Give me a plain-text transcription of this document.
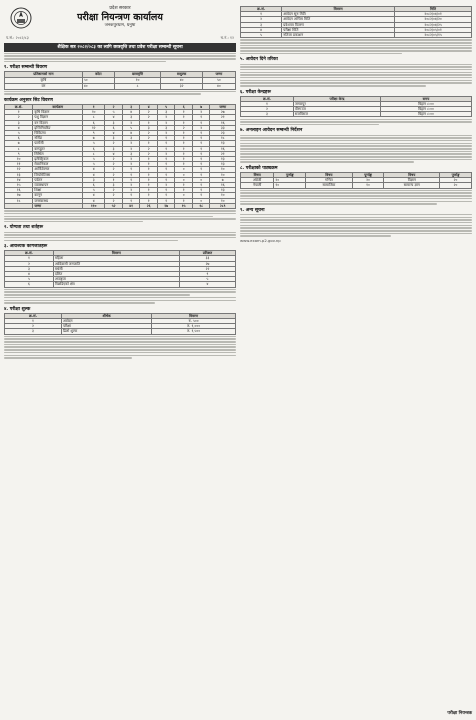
प्रदेश सरकार
परीक्षा नियन्त्रण कार्यालय
जनकपुरधाम, धनुषा
प.सं.: २०८२/८३	च.नं.: १२
शैक्षिक सत्र २०८२/०८३ का लागि छात्रवृत्ति तथा प्रवेश परीक्षा सम्बन्धी सूचना
१. परीक्षा सम्बन्धी विवरण
प्रतिष्ठानको नाम	कोटा	छात्रवृत्ति	सशुल्क	जम्मा
कृषि	५०	१०	४०	५०
वन	४०	८	३२	४०
कार्यक्रम अनुसार सिट विवरण
क्र.सं.	कार्यक्रम	१	२	३	४	५	६	७	जम्मा
१	कृषि विज्ञान	१०	५	४	२	३	१	२	२७
२	पशु विज्ञान	८	४	३	२	२	१	१	२१
३	वन विज्ञान	६	३	२	१	२	१	१	१६
४	इन्जिनियरिङ	१२	६	५	३	३	२	२	३३
५	चिकित्सा	९	४	४	२	२	१	१	२३
६	नर्सिङ	७	३	३	२	१	१	१	१८
७	फार्मेसी	५	२	२	१	१	१	१	१३
८	कम्प्युटर	६	३	२	२	१	१	१	१६
९	सिभिल	८	४	३	२	२	१	१	२१
१०	इलेक्ट्रिकल	५	२	२	१	१	१	१	१३
११	मेकानिकल	५	२	२	१	१	१	१	१३
१२	आर्किटेक्चर	४	२	१	१	१	०	१	१०
१३	जियोमेटिक्स	४	२	१	१	१	०	१	१०
१४	पर्यटन	३	१	१	१	१	०	०	७
१५	व्यवस्थापन	६	३	२	१	२	१	१	१६
१६	शिक्षा	५	२	२	१	१	१	१	१३
१७	कानून	४	२	१	१	१	०	१	१०
१८	जनस्वास्थ्य	४	२	१	१	१	१	०	१०
	जम्मा	११०	५२	४१	२६	२७	१५	१८	२८९
२. योग्यता तथा शर्तहरू
३. आवश्यक कागजातहरू
क्र.सं.	विवरण	प्रतिशत
१	महिला	३३
२	आदिवासी जनजाति	२७
३	मधेसी	२२
४	दलित	९
५	अपाङ्गता	५
६	पिछडिएको क्षेत्र	४
४. परीक्षा शुल्क
क्र.सं.	शीर्षक	विवरण
१	आवेदन	रु. ५००
२	परीक्षा	रु. १,०००
३	ढिलो शुल्क	रु. १,५००
क्र.सं.	विवरण	मिति
१	आवेदन सुरु मिति	२०८२/०४/०१
२	आवेदन अन्तिम मिति	२०८२/०४/२०
३	प्रवेशपत्र वितरण	२०८२/०४/२५
४	परीक्षा मिति	२०८२/०५/०१
५	नतिजा प्रकाशन	२०८२/०५/१५
५. आवेदन दिने तरिका
६. परीक्षा केन्द्रहरू
क्र.सं.	परीक्षा केन्द्र	समय
१	जनकपुर	बिहान ८:००
२	वीरगञ्ज	बिहान ८:००
३	राजविराज	बिहान ८:००
७. अनलाइन आवेदन सम्बन्धी निर्देशन
८. परीक्षाको पाठ्यक्रम
विषय	पूर्णाङ्क	विषय	पूर्णाङ्क	विषय	पूर्णाङ्क
अंग्रेजी	२०	गणित	२०	विज्ञान	२०
नेपाली	१०	सामाजिक	१०	सामान्य ज्ञान	२०
९. अन्य सूचना
www.exam.p2.gov.np
परीक्षा नियन्त्रक
